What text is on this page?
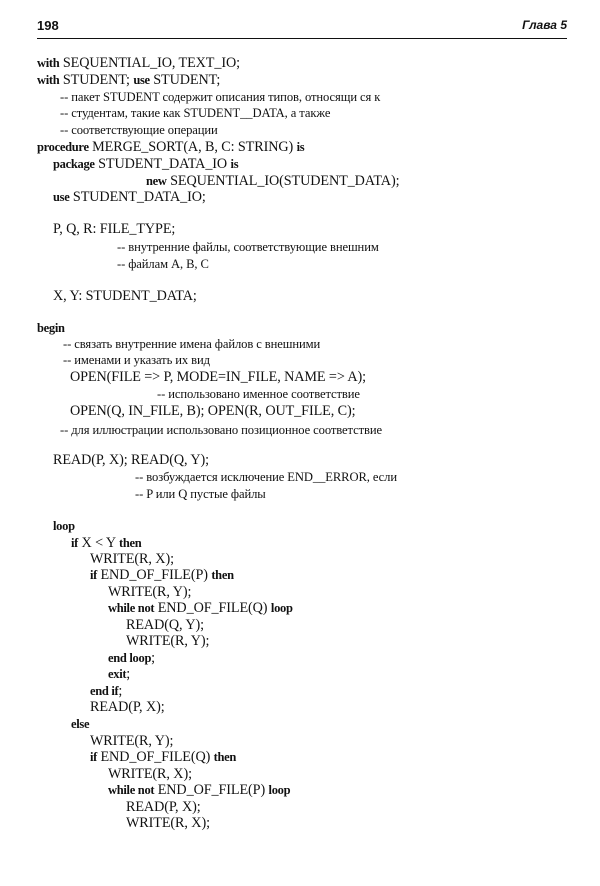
198	Глава 5
with SEQUENTIAL_IO, TEXT_IO;
with STUDENT; use STUDENT;
-- пакет STUDENT содержит описания типов, относящи ся к
-- студентам, такие как STUDENT__DATA, а также
-- соответствующие операции
procedure MERGE_SORT(A, B, C: STRING) is
package STUDENT_DATA_IO is
new SEQUENTIAL_IO(STUDENT_DATA);
use STUDENT_DATA_IO;
P, Q, R: FILE_TYPE;
-- внутренние файлы, соответствующие внешним
-- файлам A, B, C
X, Y: STUDENT_DATA;
begin
-- связать внутренние имена файлов с внешними
-- именами и указать их вид
OPEN(FILE => P, MODE=IN_FILE, NAME => A);
-- использовано именное соответствие
OPEN(Q, IN_FILE, B); OPEN(R, OUT_FILE, C);
-- для иллюстрации использовано позиционное соответствие
READ(P, X); READ(Q, Y);
-- возбуждается исключение END__ERROR, если
-- P или Q пустые файлы
loop
if X < Y then
WRITE(R, X);
if END_OF_FILE(P) then
WRITE(R, Y);
while not END_OF_FILE(Q) loop
READ(Q, Y);
WRITE(R, Y);
end loop;
exit;
end if;
READ(P, X);
else
WRITE(R, Y);
if END_OF_FILE(Q) then
WRITE(R, X);
while not END_OF_FILE(P) loop
READ(P, X);
WRITE(R, X);
